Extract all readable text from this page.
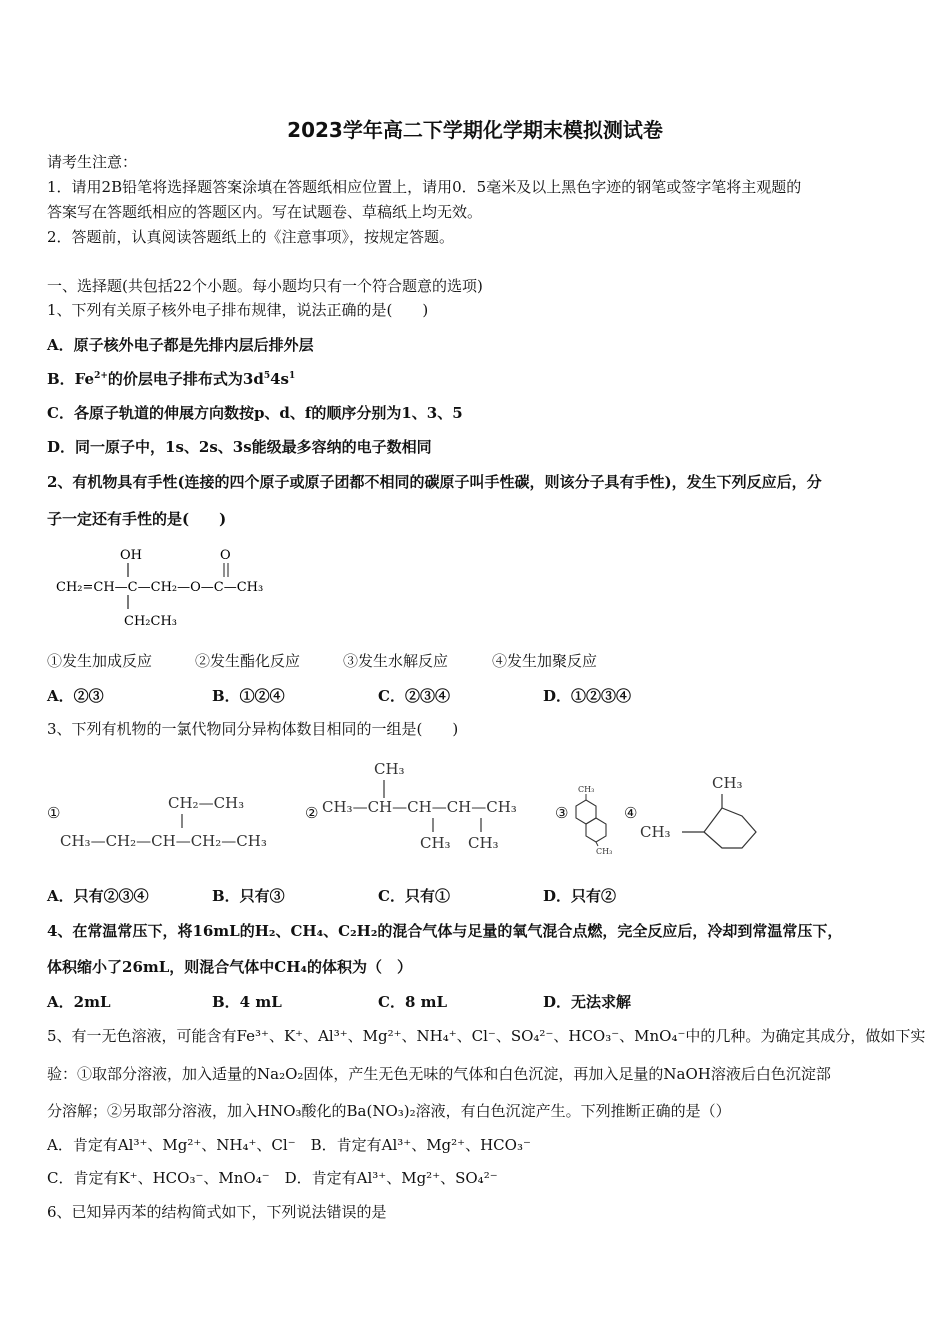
2023学年高二下学期化学期末模拟测试卷
请考生注意：
1．请用2B铅笔将选择题答案涂填在答题纸相应位置上，请用0．5毫米及以上黑色字迹的钢笔或签字笔将主观题的
答案写在答题纸相应的答题区内。写在试题卷、草稿纸上均无效。
2．答题前，认真阅读答题纸上的《注意事项》，按规定答题。
一、选择题(共包括22个小题。每小题均只有一个符合题意的选项)
1、下列有关原子核外电子排布规律，说法正确的是(　　)
A．原子核外电子都是先排内层后排外层
B．$Fe^{2+}$的价层电子排布式为$3d^54s^1$
C．各原子轨道的伸展方向数按p、d、f的顺序分别为1、3、5
D．同一原子中，1s、2s、3s能级最多容纳的电子数相同
2、有机物具有手性(连接的四个原子或原子团都不相同的碳原子叫手性碳，则该分子具有手性)，发生下列反应后，分
子一定还有手性的是(　　)
OH	O
CH₂=CH—C—CH₂—O—C—CH₃
CH₂CH₃
①发生加成反应	②发生酯化反应	③发生水解反应	④发生加聚反应
A．②③	B．①②④	C．②③④	D．①②③④
3、下列有机物的一氯代物同分异构体数目相同的一组是(　　)
①
CH₂—CH₃
CH₃—CH₂—CH—CH₂—CH₃
②
CH₃
CH₃—CH—CH—CH—CH₃
CH₃ CH₃
③
CH₃
CH₃
④
CH₃
CH₃
A．只有②③④	B．只有③	C．只有①	D．只有②
4、在常温常压下，将16mL的H₂、CH₄、C₂H₂的混合气体与足量的氧气混合点燃，完全反应后，冷却到常温常压下，
体积缩小了26mL，则混合气体中CH₄的体积为（　）
A．2mL	B．4 mL	C．8 mL	D．无法求解
5、有一无色溶液，可能含有Fe³⁺、K⁺、Al³⁺、Mg²⁺、NH₄⁺、Cl⁻、SO₄²⁻、HCO₃⁻、MnO₄⁻中的几种。为确定其成分，做如下实
验：①取部分溶液，加入适量的Na₂O₂固体，产生无色无味的气体和白色沉淀，再加入足量的NaOH溶液后白色沉淀部
分溶解；②另取部分溶液，加入HNO₃酸化的Ba(NO₃)₂溶液，有白色沉淀产生。下列推断正确的是（）
A．肯定有Al³⁺、Mg²⁺、NH₄⁺、Cl⁻　B．肯定有Al³⁺、Mg²⁺、HCO₃⁻
C．肯定有K⁺、HCO₃⁻、MnO₄⁻　D．肯定有Al³⁺、Mg²⁺、SO₄²⁻
6、已知异丙苯的结构简式如下，下列说法错误的是
